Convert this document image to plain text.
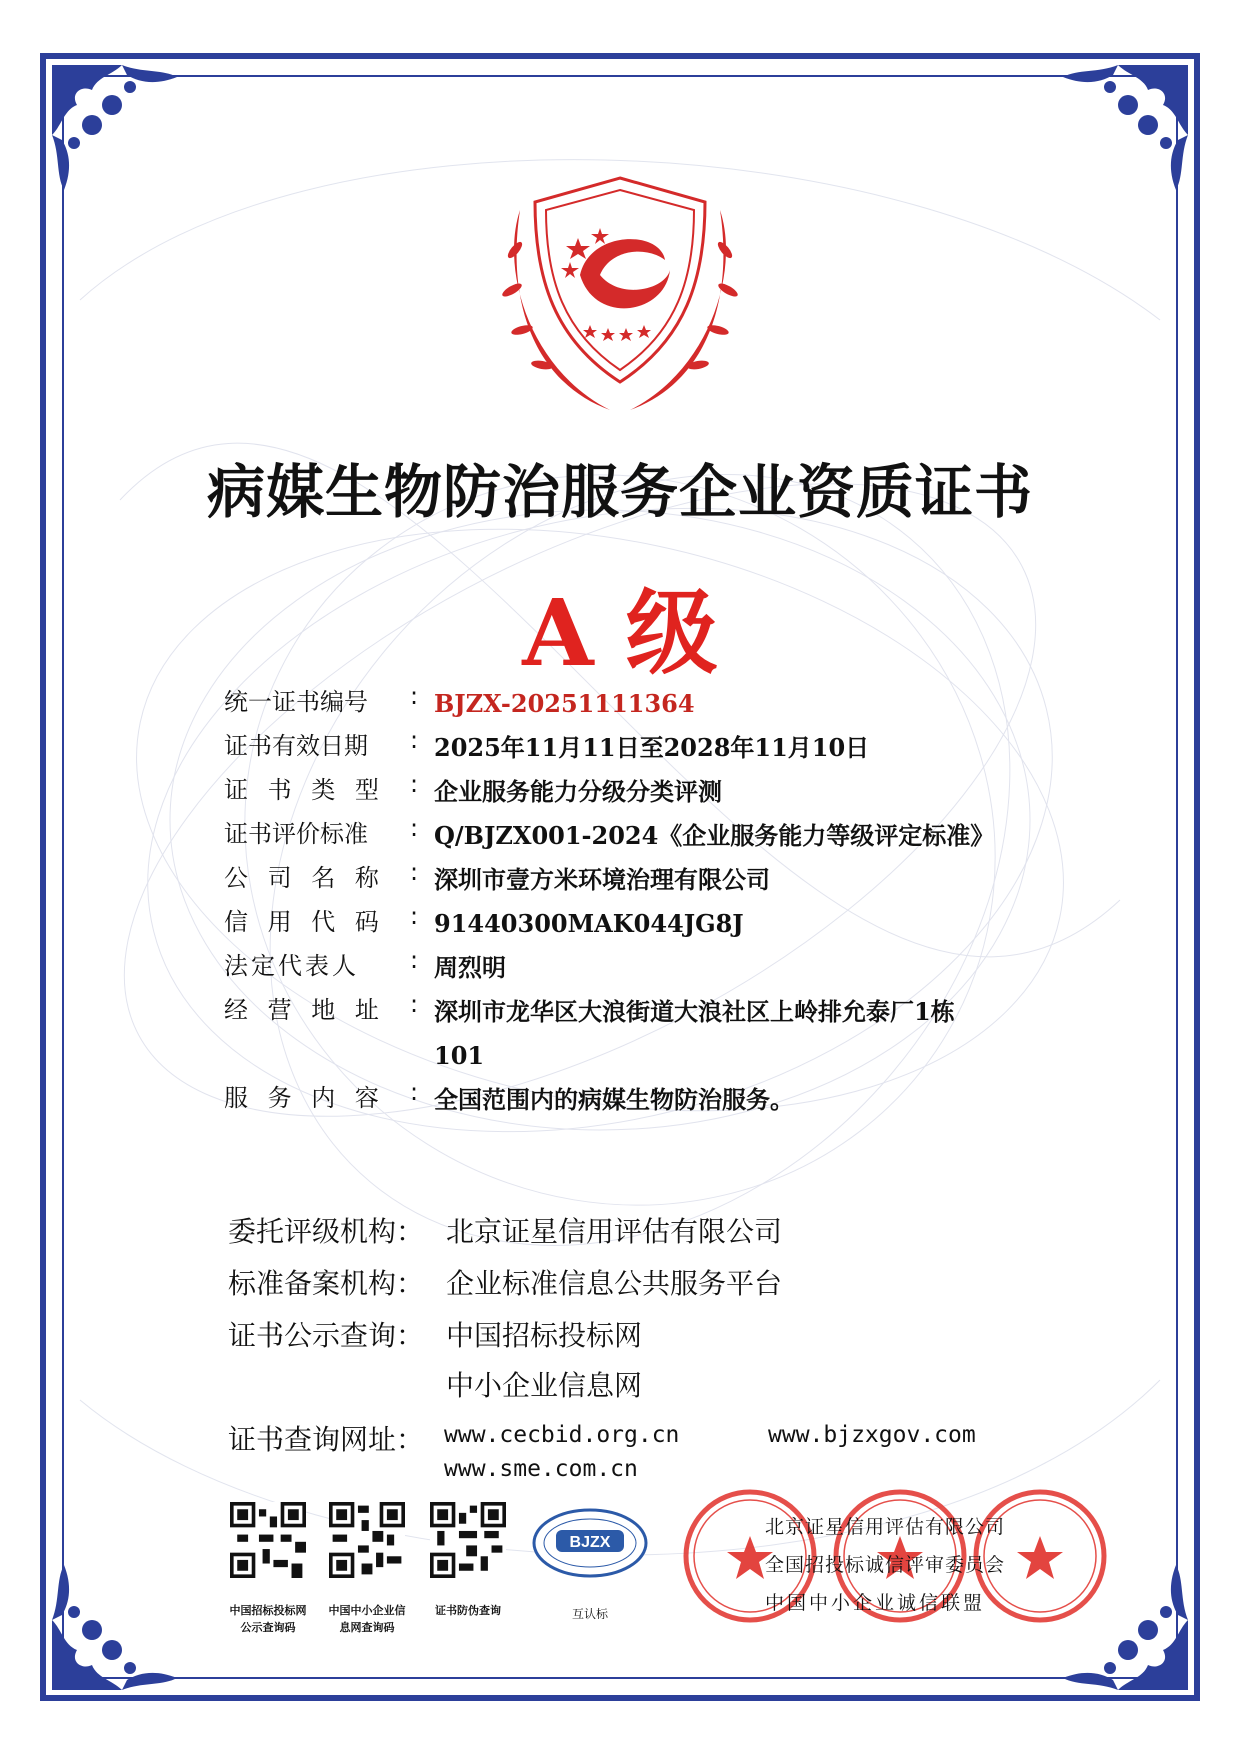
病媒生物防治服务企业资质证书
A 级
统一证书编号	: BJZX-20251111364
证书有效日期	: 2025年11月11日至2028年11月10日
证 书 类 型	: 企业服务能力分级分类评测
证书评价标准	: Q/BJZX001-2024《企业服务能力等级评定标准》
公 司 名 称	: 深圳市壹方米环境治理有限公司
信 用 代 码	: 91440300MAK044JG8J
法定代表人	: 周烈明
经 营 地 址	: 深圳市龙华区大浪街道大浪社区上岭排允泰厂1栋101
服 务 内 容	: 全国范围内的病媒生物防治服务。
委托评级机构： 北京证星信用评估有限公司
标准备案机构： 企业标准信息公共服务平台
证书公示查询： 中国招标投标网
中小企业信息网
证书查询网址： www.cecbid.org.cn	www.bjzxgov.com
www.sme.com.cn
中国招标投标网
公示查询码
中国中小企业信
息网查询码
证书防伪查询
BJZX
互认标
北京证星信用评估有限公司
全国招投标诚信评审委员会
中国中小企业诚信联盟
